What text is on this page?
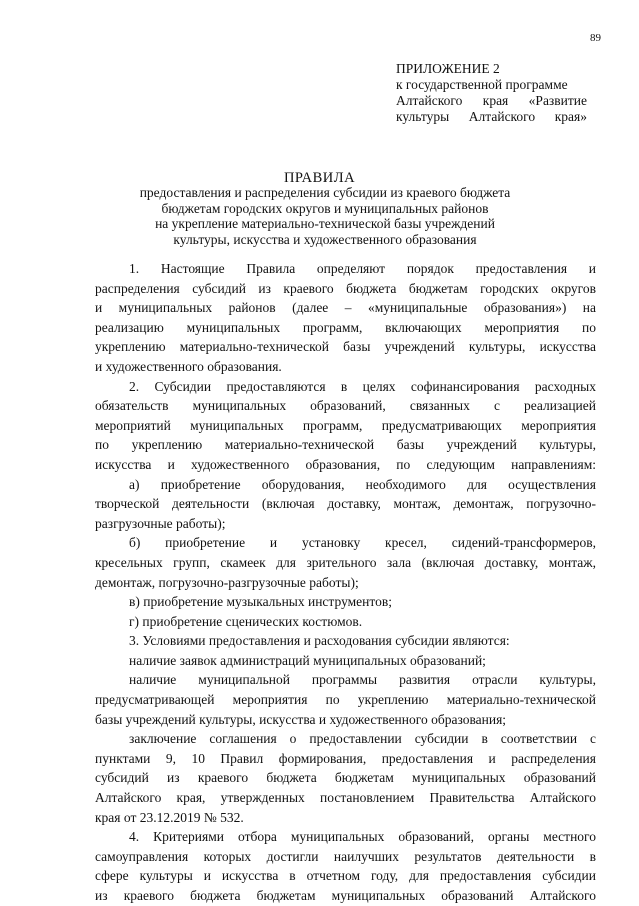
89
ПРИЛОЖЕНИЕ 2
к государственной программе
Алтайского края «Развитие
культуры Алтайского края»
ПРАВИЛА
предоставления и распределения субсидии из краевого бюджета
бюджетам городских округов и муниципальных районов
на укрепление материально-технической базы учреждений
культуры, искусства и художественного образования
1. Настоящие Правила определяют порядок предоставления и
распределения субсидий из краевого бюджета бюджетам городских округов
и муниципальных районов (далее – «муниципальные образования») на
реализацию муниципальных программ, включающих мероприятия по
укреплению материально-технической базы учреждений культуры, искусства
и художественного образования.
2. Субсидии предоставляются в целях софинансирования расходных
обязательств муниципальных образований, связанных с реализацией
мероприятий муниципальных программ, предусматривающих мероприятия
по укреплению материально-технической базы учреждений культуры,
искусства и художественного образования, по следующим направлениям:
а) приобретение оборудования, необходимого для осуществления
творческой деятельности (включая доставку, монтаж, демонтаж, погрузочно-
разгрузочные работы);
б) приобретение и установку кресел, сидений-трансформеров,
кресельных групп, скамеек для зрительного зала (включая доставку, монтаж,
демонтаж, погрузочно-разгрузочные работы);
в) приобретение музыкальных инструментов;
г) приобретение сценических костюмов.
3. Условиями предоставления и расходования субсидии являются:
наличие заявок администраций муниципальных образований;
наличие муниципальной программы развития отрасли культуры,
предусматривающей мероприятия по укреплению материально-технической
базы учреждений культуры, искусства и художественного образования;
заключение соглашения о предоставлении субсидии в соответствии с
пунктами 9, 10 Правил формирования, предоставления и распределения
субсидий из краевого бюджета бюджетам муниципальных образований
Алтайского края, утвержденных постановлением Правительства Алтайского
края от 23.12.2019 № 532.
4. Критериями отбора муниципальных образований, органы местного
самоуправления которых достигли наилучших результатов деятельности в
сфере культуры и искусства в отчетном году, для предоставления субсидии
из краевого бюджета бюджетам муниципальных образований Алтайского
